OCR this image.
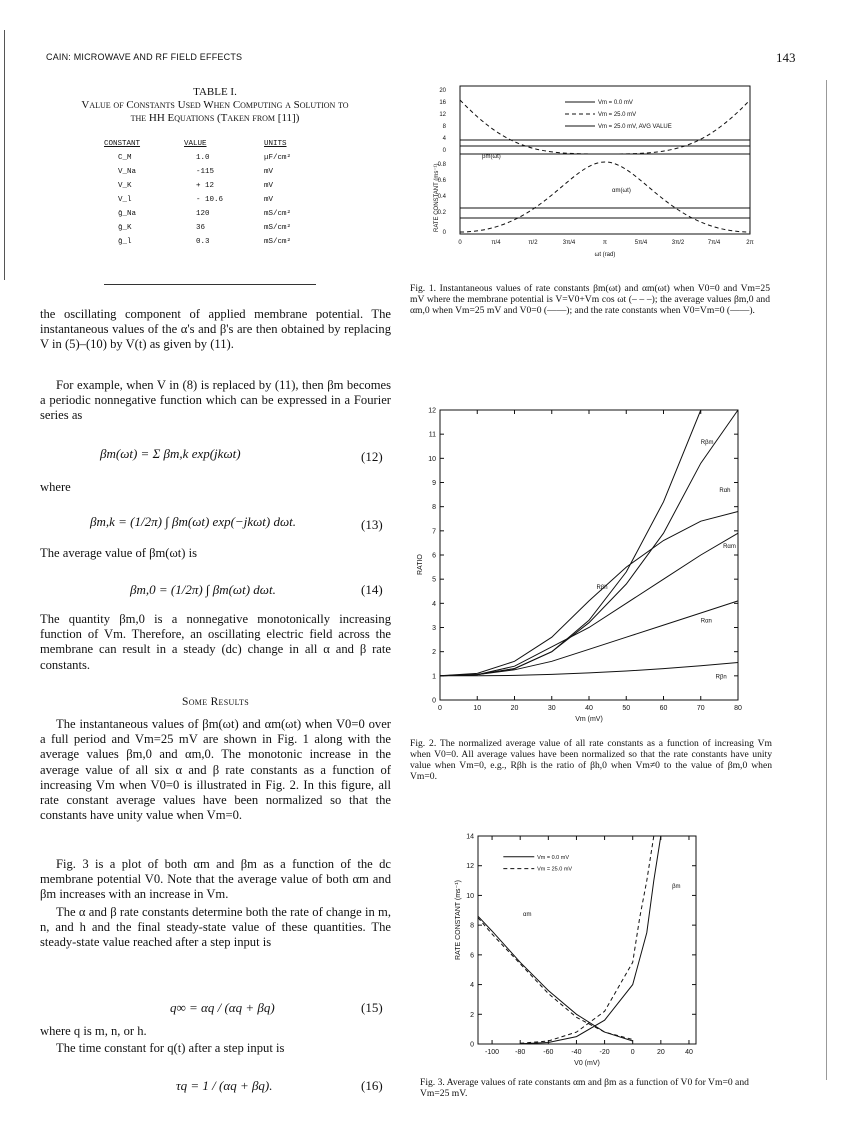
CAIN: MICROWAVE AND RF FIELD EFFECTS	143
TABLE I.
Value of Constants Used When Computing a Solution to
the HH Equations (Taken from [11])
CONSTANT	VALUE	UNITS
C_M	1.0	μF/cm²
V_Na	-115	mV
V_K	+ 12	mV
V_l	- 10.6	mV
ḡ_Na	120	mS/cm²
ḡ_K	36	mS/cm²
ḡ_l	0.3	mS/cm²
the oscillating component of applied membrane potential. The instantaneous values of the α's and β's are then obtained by replacing V in (5)–(10) by V(t) as given by (11).
For example, when V in (8) is replaced by (11), then βm becomes a periodic nonnegative function which can be expressed in a Fourier series as
βm(ωt) = Σ βm,k exp(jkωt)	(12)
where
βm,k = (1/2π) ∫ βm(ωt) exp(−jkωt) dωt.	(13)
The average value of βm(ωt) is
βm,0 = (1/2π) ∫ βm(ωt) dωt.	(14)
The quantity βm,0 is a nonnegative monotonically increasing function of Vm. Therefore, an oscillating electric field across the membrane can result in a steady (dc) change in all α and β rate constants.
Some Results
The instantaneous values of βm(ωt) and αm(ωt) when V0=0 over a full period and Vm=25 mV are shown in Fig. 1 along with the average values βm,0 and αm,0. The monotonic increase in the average value of all six α and β rate constants as a function of increasing Vm when V0=0 is illustrated in Fig. 2. In this figure, all rate constant average values have been normalized so that the constants have unity value when Vm=0.
Fig. 3 is a plot of both αm and βm as a function of the dc membrane potential V0. Note that the average value of both αm and βm increases with an increase in Vm.
The α and β rate constants determine both the rate of change in m, n, and h and the final steady-state value of these quantities. The steady-state value reached after a step input is
q∞ = αq / (αq + βq)	(15)
where q is m, n, or h.
The time constant for q(t) after a step input is
τq = 1 / (αq + βq).	(16)
Vm = 0.0 mV
Vm = 25.0 mV
Vm = 25.0 mV, AVG VALUE
βm(ωt)
αm(ωt)
20
16
12
8
4
0
0.8
0.6
0.4
0.2
0
0	π/4	π/2	3π/4	π	5π/4	3π/2	7π/4	2π
ωt (rad)
RATE CONSTANT (ms⁻¹)
Fig. 1. Instantaneous values of rate constants βm(ωt) and αm(ωt) when V0=0 and Vm=25 mV where the membrane potential is V=V0+Vm cos ωt (– – –); the average values βm,0 and αm,0 when Vm=25 mV and V0=0 (——); and the rate constants when V0=Vm=0 (——).
0	10	20	30	40	50	60	70	80
0
1
2
3
4
5
6
7
8
9
10
11
12
Vm (mV)
RATIO
Rβm
Rαh
Rαm
Rβh
Rαn
Rβn
Fig. 2. The normalized average value of all rate constants as a function of increasing Vm when V0=0. All average values have been normalized so that the rate constants have unity value when Vm=0, e.g., Rβh is the ratio of βh,0 when Vm≠0 to the value of βm,0 when Vm=0.
-100 -80	-60	-40	-20	0	20	40
0
2
4
6
8
10
12
14
V0 (mV)
RATE CONSTANT (ms⁻¹)	αm
βm
Vm = 0.0 mV
Vm = 25.0 mV
Fig. 3. Average values of rate constants αm and βm as a function of V0 for Vm=0 and Vm=25 mV.
